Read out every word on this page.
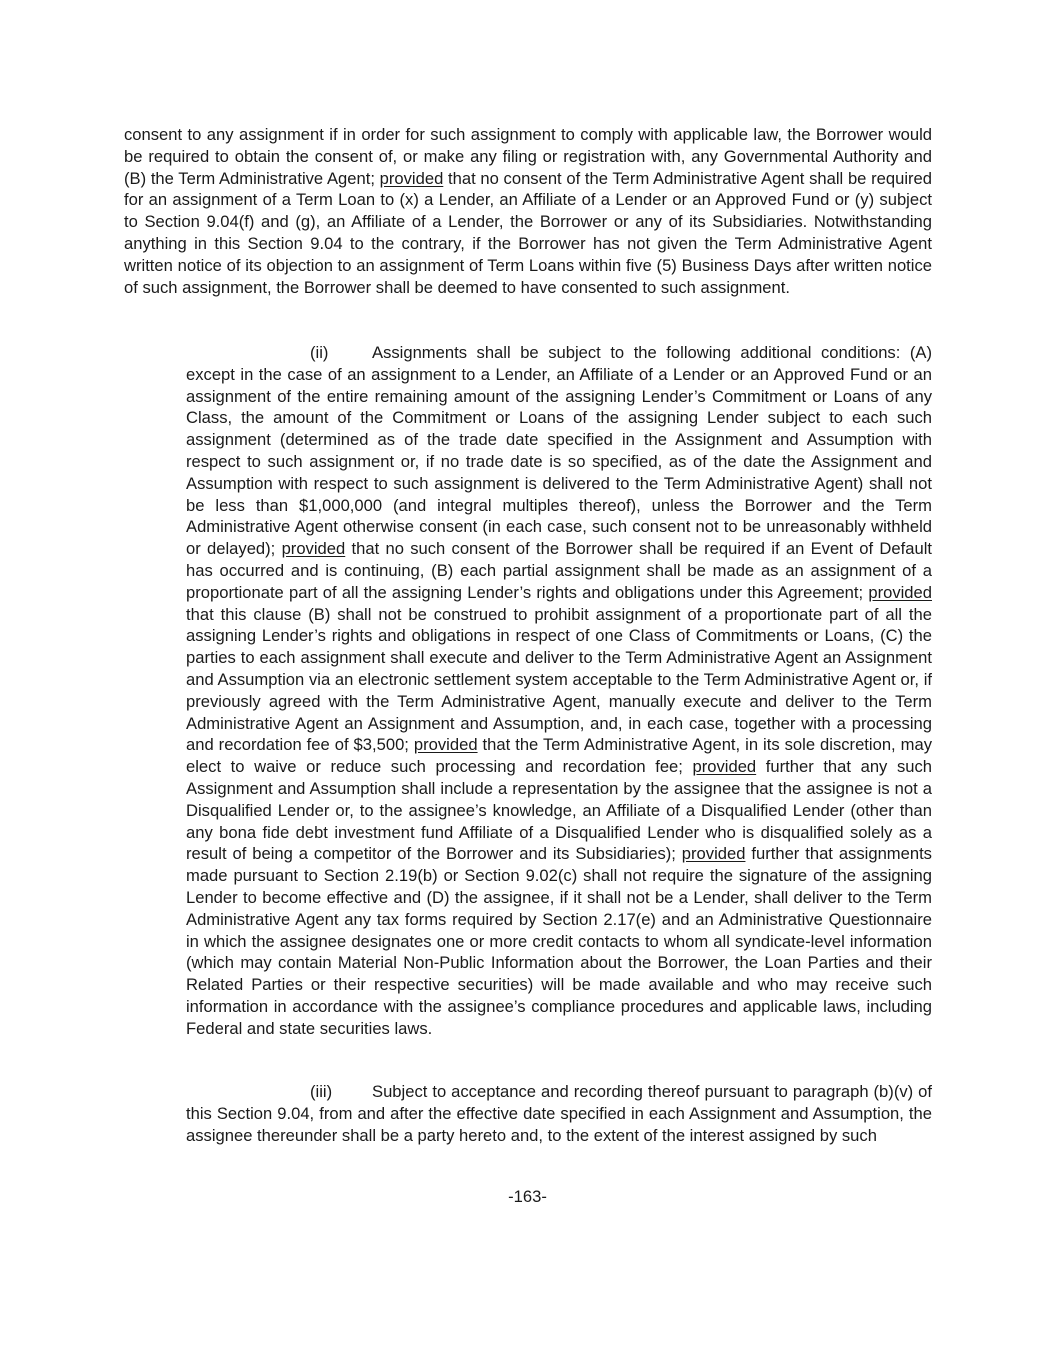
consent to any assignment if in order for such assignment to comply with applicable law, the Borrower would be required to obtain the consent of, or make any filing or registration with, any Governmental Authority and (B) the Term Administrative Agent; provided that no consent of the Term Administrative Agent shall be required for an assignment of a Term Loan to (x) a Lender, an Affiliate of a Lender or an Approved Fund or (y) subject to Section 9.04(f) and (g), an Affiliate of a Lender, the Borrower or any of its Subsidiaries. Notwithstanding anything in this Section 9.04 to the contrary, if the Borrower has not given the Term Administrative Agent written notice of its objection to an assignment of Term Loans within five (5) Business Days after written notice of such assignment, the Borrower shall be deemed to have consented to such assignment.

(ii)	Assignments shall be subject to the following additional conditions: (A) except in the case of an assignment to a Lender, an Affiliate of a Lender or an Approved Fund or an assignment of the entire remaining amount of the assigning Lender’s Commitment or Loans of any Class, the amount of the Commitment or Loans of the assigning Lender subject to each such assignment (determined as of the trade date specified in the Assignment and Assumption with respect to such assignment or, if no trade date is so specified, as of the date the Assignment and Assumption with respect to such assignment is delivered to the Term Administrative Agent) shall not be less than $1,000,000 (and integral multiples thereof), unless the Borrower and the Term Administrative Agent otherwise consent (in each case, such consent not to be unreasonably withheld or delayed); provided that no such consent of the Borrower shall be required if an Event of Default has occurred and is continuing, (B) each partial assignment shall be made as an assignment of a proportionate part of all the assigning Lender’s rights and obligations under this Agreement; provided that this clause (B) shall not be construed to prohibit assignment of a proportionate part of all the assigning Lender’s rights and obligations in respect of one Class of Commitments or Loans, (C) the parties to each assignment shall execute and deliver to the Term Administrative Agent an Assignment and Assumption via an electronic settlement system acceptable to the Term Administrative Agent or, if previously agreed with the Term Administrative Agent, manually execute and deliver to the Term Administrative Agent an Assignment and Assumption, and, in each case, together with a processing and recordation fee of $3,500; provided that the Term Administrative Agent, in its sole discretion, may elect to waive or reduce such processing and recordation fee; provided further that any such Assignment and Assumption shall include a representation by the assignee that the assignee is not a Disqualified Lender or, to the assignee’s knowledge, an Affiliate of a Disqualified Lender (other than any bona fide debt investment fund Affiliate of a Disqualified Lender who is disqualified solely as a result of being a competitor of the Borrower and its Subsidiaries); provided further that assignments made pursuant to Section 2.19(b) or Section 9.02(c) shall not require the signature of the assigning Lender to become effective and (D) the assignee, if it shall not be a Lender, shall deliver to the Term Administrative Agent any tax forms required by Section 2.17(e) and an Administrative Questionnaire in which the assignee designates one or more credit contacts to whom all syndicate-level information (which may contain Material Non-Public Information about the Borrower, the Loan Parties and their Related Parties or their respective securities) will be made available and who may receive such information in accordance with the assignee’s compliance procedures and applicable laws, including Federal and state securities laws.

(iii) Subject to acceptance and recording thereof pursuant to paragraph (b)(v) of this Section 9.04, from and after the effective date specified in each Assignment and Assumption, the assignee thereunder shall be a party hereto and, to the extent of the interest assigned by such

-163-
